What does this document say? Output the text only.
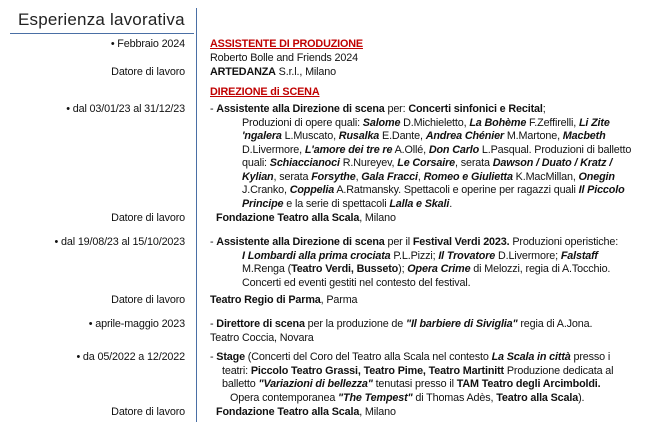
Esperienza lavorativa
• Febbraio 2024 ASSISTENTE DI PRODUZIONE
Roberto Bolle and Friends 2024
Datore di lavoro ARTEDANZA S.r.l., Milano
DIREZIONE di SCENA
• dal 03/01/23 al 31/12/23 - Assistente alla Direzione di scena per: Concerti sinfonici e Recital;
Produzioni di opere quali: Salome D.Michieletto, La Bohème F.Zeffirelli, Li Zite
'ngalera L.Muscato, Rusalka E.Dante, Andrea Chénier M.Martone, Macbeth
D.Livermore, L'amore dei tre re A.Ollé, Don Carlo L.Pasqual. Produzioni di balletto
quali: Schiaccianoci R.Nureyev, Le Corsaire, serata Dawson / Duato / Kratz /
Kylian, serata Forsythe, Gala Fracci, Romeo e Giulietta K.MacMillan, Onegin
J.Cranko, Coppelia A.Ratmansky. Spettacoli e operine per ragazzi quali Il Piccolo
Principe e la serie di spettacoli Lalla e Skali.
Datore di lavoro	Fondazione Teatro alla Scala, Milano
• dal 19/08/23 al 15/10/2023 - Assistente alla Direzione di scena per il Festival Verdi 2023. Produzioni operistiche:
I Lombardi alla prima crociata P.L.Pizzi; Il Trovatore D.Livermore; Falstaff
M.Renga (Teatro Verdi, Busseto); Opera Crime di Melozzi, regia di A.Tocchio.
Concerti ed eventi gestiti nel contesto del festival.
Datore di lavoro Teatro Regio di Parma, Parma
• aprile-maggio 2023 - Direttore di scena per la produzione de "Il barbiere di Siviglia" regia di A.Jona.
Teatro Coccia, Novara
• da 05/2022 a 12/2022 - Stage (Concerti del Coro del Teatro alla Scala nel contesto La Scala in città presso i
teatri: Piccolo Teatro Grassi, Teatro Pime, Teatro Martinitt Produzione dedicata al
balletto "Variazioni di bellezza" tenutasi presso il TAM Teatro degli Arcimboldi.
Opera contemporanea "The Tempest" di Thomas Adès, Teatro alla Scala).
Datore di lavoro	Fondazione Teatro alla Scala, Milano
